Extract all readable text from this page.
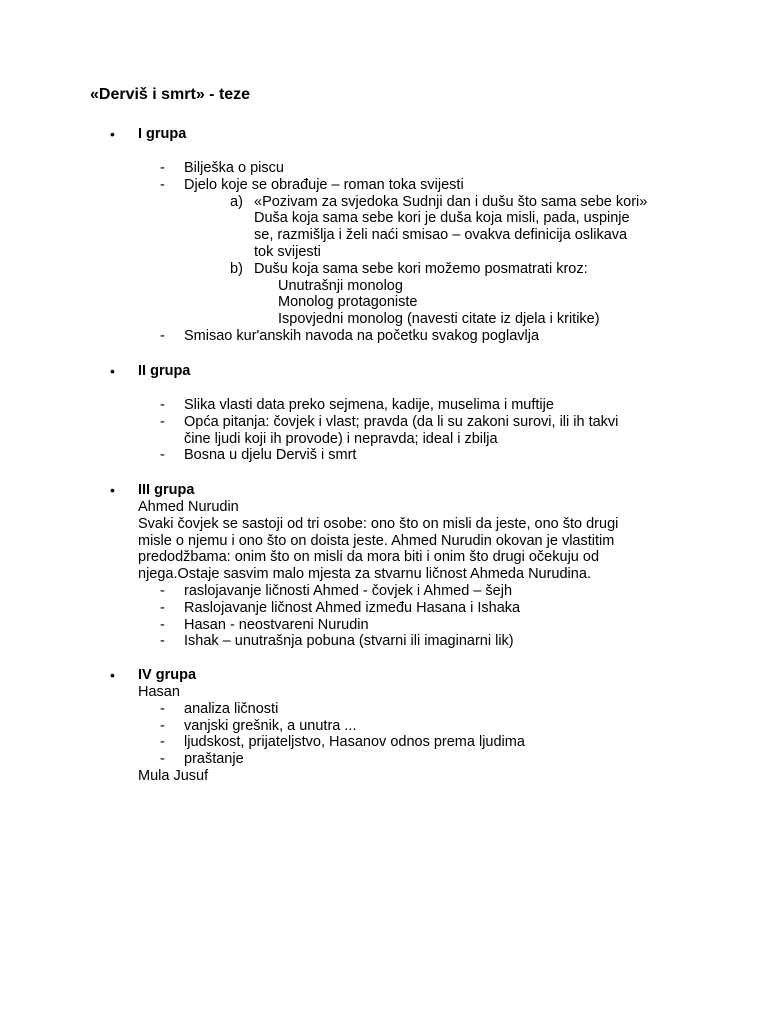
«Derviš i smrt» - teze
• I grupa
- Bilješka o piscu
- Djelo koje se obrađuje – roman toka svijesti
a) «Pozivam za svjedoka Sudnji dan i dušu što sama sebe kori»
Duša koja sama sebe kori je duša koja misli, pada, uspinje
se, razmišlja i želi naći smisao – ovakva definicija oslikava
tok svijesti
b) Dušu koja sama sebe kori možemo posmatrati kroz:
Unutrašnji monolog
Monolog protagoniste
Ispovjedni monolog (navesti citate iz djela i kritike)
- Smisao kur'anskih navoda na početku svakog poglavlja
• II grupa
- Slika vlasti data preko sejmena, kadije, muselima i muftije
- Opća pitanja: čovjek i vlast; pravda (da li su zakoni surovi, ili ih takvi
čine ljudi koji ih provode) i nepravda; ideal i zbilja
- Bosna u djelu Derviš i smrt
• III grupa
Ahmed Nurudin
Svaki čovjek se sastoji od tri osobe: ono što on misli da jeste, ono što drugi
misle o njemu i ono što on doista jeste. Ahmed Nurudin okovan je vlastitim
predodžbama: onim što on misli da mora biti i onim što drugi očekuju od
njega.Ostaje sasvim malo mjesta za stvarnu ličnost Ahmeda Nurudina.
- raslojavanje ličnosti Ahmed - čovjek i Ahmed – šejh
- Raslojavanje ličnost Ahmed između Hasana i Ishaka
- Hasan - neostvareni Nurudin
- Ishak – unutrašnja pobuna (stvarni ili imaginarni lik)
• IV grupa
Hasan
- analiza ličnosti
- vanjski grešnik, a unutra ...
- ljudskost, prijateljstvo, Hasanov odnos prema ljudima
- praštanje
Mula Jusuf
